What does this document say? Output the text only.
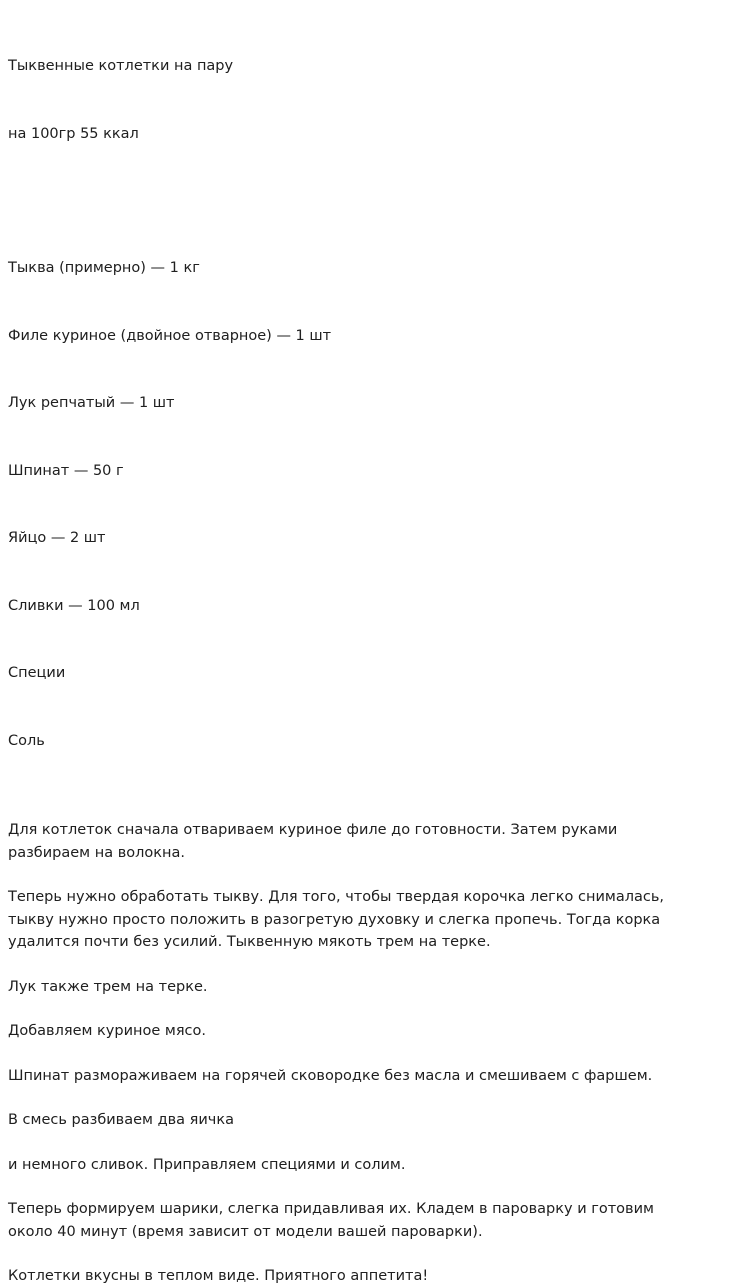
Тыквенные котлетки на пару

на 100гр 55 ккал

Тыква (примерно) — 1 кг

Филе куриное (двойное отварное) — 1 шт

Лук репчатый — 1 шт

Шпинат — 50 г

Яйцо — 2 шт

Сливки — 100 мл

Специи

Соль

Для котлеток сначала отвариваем куриное филе до готовности. Затем руками
разбираем на волокна.
Теперь нужно обработать тыкву. Для того, чтобы твердая корочка легко снималась,
тыкву нужно просто положить в разогретую духовку и слегка пропечь. Тогда корка
удалится почти без усилий. Тыквенную мякоть трем на терке.
Лук также трем на терке.
Добавляем куриное мясо.
Шпинат размораживаем на горячей сковородке без масла и смешиваем с фаршем.
В смесь разбиваем два яичка
и немного сливок. Приправляем специями и солим.
Теперь формируем шарики, слегка придавливая их. Кладем в пароварку и готовим
около 40 минут (время зависит от модели вашей пароварки).
Котлетки вкусны в теплом виде. Приятного аппетита!
